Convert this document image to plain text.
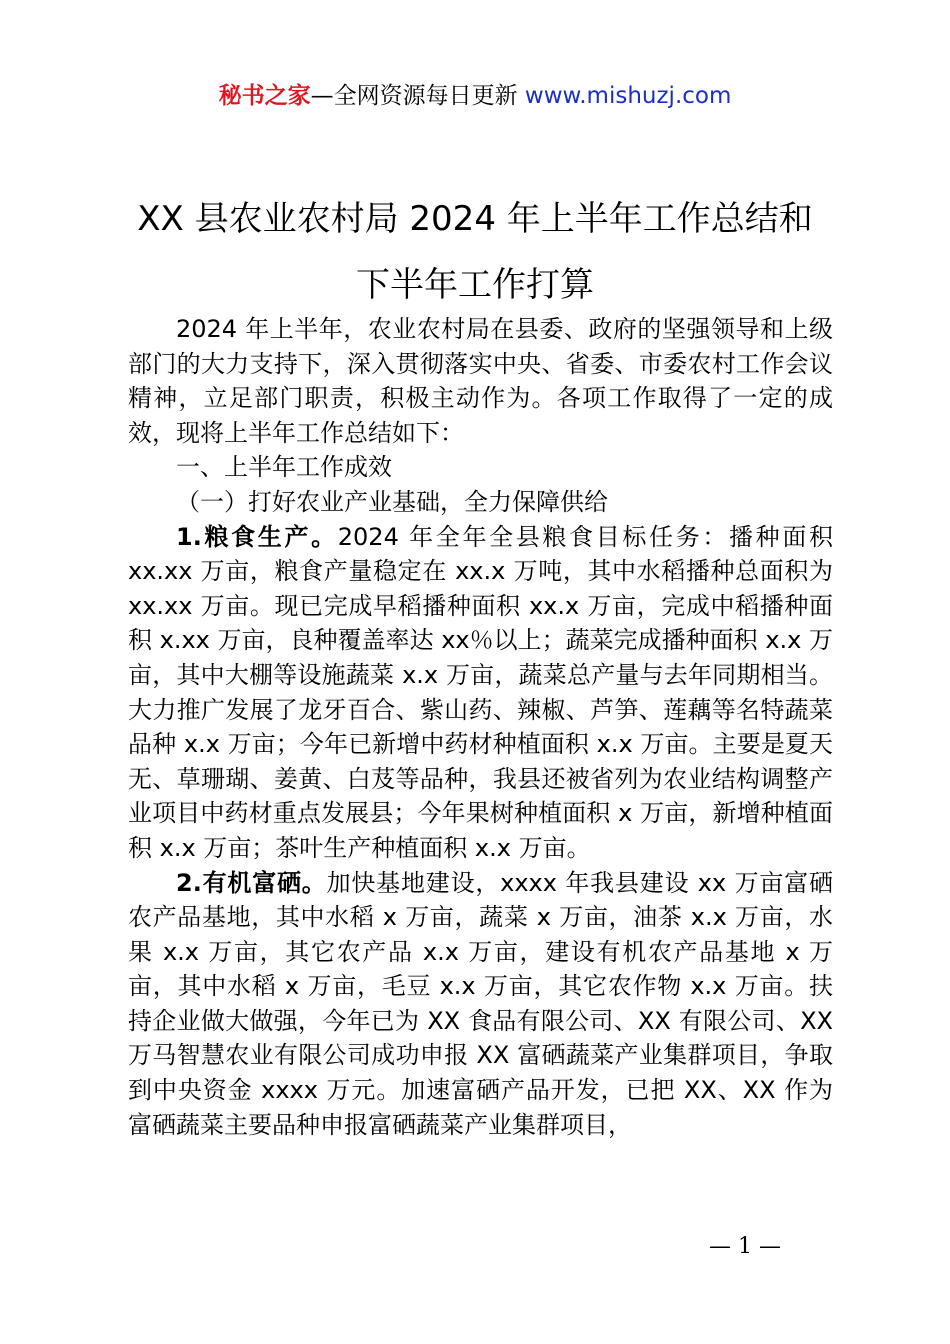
秘书之家—全网资源每日更新 www.mishuzj.com
XX 县农业农村局 2024 年上半年工作总结和
下半年工作打算

2024 年上半年，农业农村局在县委、政府的坚强领导和上级部门的大力支持下，深入贯彻落实中央、省委、市委农村工作会议精神，立足部门职责，积极主动作为。各项工作取得了一定的成效，现将上半年工作总结如下：

一、上半年工作成效

（一）打好农业产业基础，全力保障供给

1.粮食生产。2024 年全年全县粮食目标任务：播种面积 xx.xx 万亩，粮食产量稳定在 xx.x 万吨，其中水稻播种总面积为 xx.xx 万亩。现已完成早稻播种面积 xx.x 万亩，完成中稻播种面积 x.xx 万亩，良种覆盖率达 xx％以上；蔬菜完成播种面积 x.x 万亩，其中大棚等设施蔬菜 x.x 万亩，蔬菜总产量与去年同期相当。大力推广发展了龙牙百合、紫山药、辣椒、芦笋、莲藕等名特蔬菜品种 x.x 万亩；今年已新增中药材种植面积 x.x 万亩。主要是夏天无、草珊瑚、姜黄、白芨等品种，我县还被省列为农业结构调整产业项目中药材重点发展县；今年果树种植面积 x 万亩，新增种植面积 x.x 万亩；茶叶生产种植面积 x.x 万亩。

2.有机富硒。加快基地建设，xxxx 年我县建设 xx 万亩富硒农产品基地，其中水稻 x 万亩，蔬菜 x 万亩，油茶 x.x 万亩，水果 x.x 万亩，其它农产品 x.x 万亩，建设有机农产品基地 x 万亩，其中水稻 x 万亩，毛豆 x.x 万亩，其它农作物 x.x 万亩。扶持企业做大做强，今年已为 XX 食品有限公司、XX 有限公司、XX 万马智慧农业有限公司成功申报 XX 富硒蔬菜产业集群项目，争取到中央资金 xxxx 万元。加速富硒产品开发，已把 XX、XX 作为富硒蔬菜主要品种申报富硒蔬菜产业集群项目，

— 1 —
